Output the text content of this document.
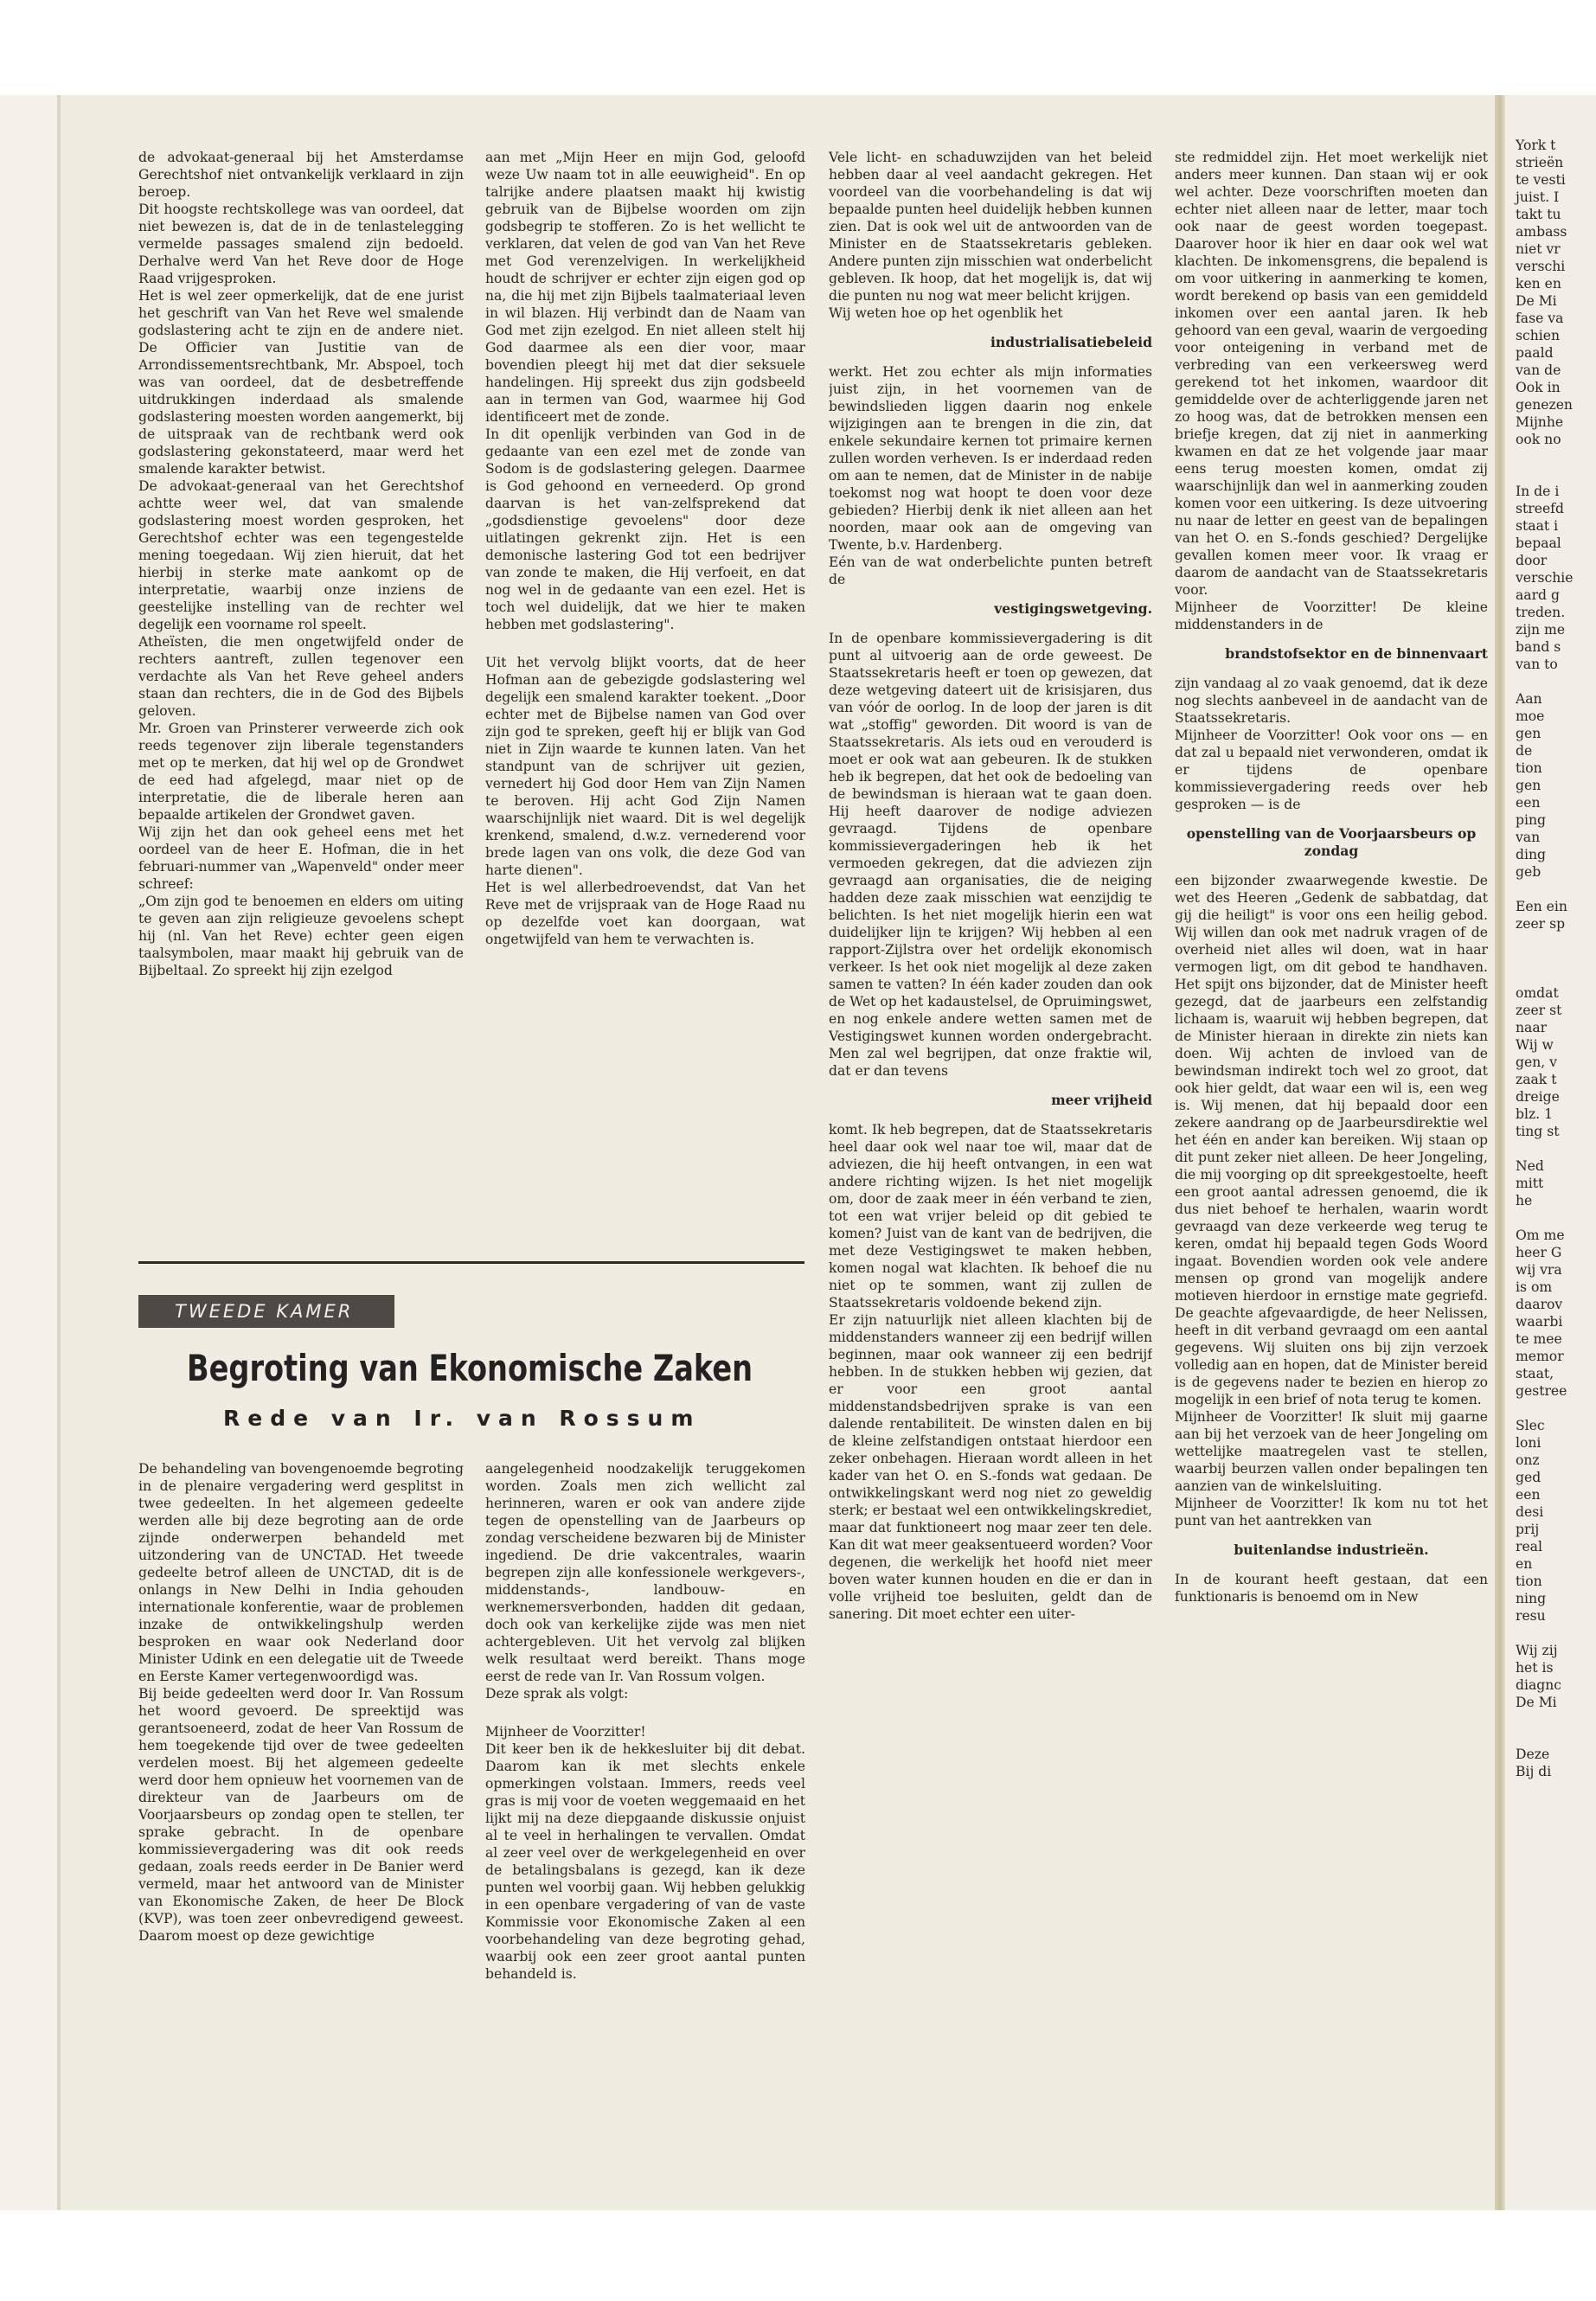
de advokaat-generaal bij het Amsterdamse Gerechtshof niet ontvankelijk verklaard in zijn beroep.

Dit hoogste rechtskollege was van oordeel, dat niet bewezen is, dat de in de tenlastelegging vermelde passages smalend zijn bedoeld. Derhalve werd Van het Reve door de Hoge Raad vrijgesproken.

Het is wel zeer opmerkelijk, dat de ene jurist het geschrift van Van het Reve wel smalende godslastering acht te zijn en de andere niet. De Officier van Justitie van de Arrondissementsrechtbank, Mr. Abspoel, toch was van oordeel, dat de desbetreffende uitdrukkingen inderdaad als smalende godslastering moesten worden aangemerkt, bij de uitspraak van de rechtbank werd ook godslastering gekonstateerd, maar werd het smalende karakter betwist.

De advokaat-generaal van het Gerechtshof achtte weer wel, dat van smalende godslastering moest worden gesproken, het Gerechtshof echter was een tegengestelde mening toegedaan. Wij zien hieruit, dat het hierbij in sterke mate aankomt op de interpretatie, waarbij onze inziens de geestelijke instelling van de rechter wel degelijk een voorname rol speelt.

Atheïsten, die men ongetwijfeld onder de rechters aantreft, zullen tegenover een verdachte als Van het Reve geheel anders staan dan rechters, die in de God des Bijbels geloven.

Mr. Groen van Prinsterer verweerde zich ook reeds tegenover zijn liberale tegenstanders met op te merken, dat hij wel op de Grondwet de eed had afgelegd, maar niet op de interpretatie, die de liberale heren aan bepaalde artikelen der Grondwet gaven.

Wij zijn het dan ook geheel eens met het oordeel van de heer E. Hofman, die in het februari-nummer van „Wapenveld" onder meer schreef:

„Om zijn god te benoemen en elders om uiting te geven aan zijn religieuze gevoelens schept hij (nl. Van het Reve) echter geen eigen taalsymbolen, maar maakt hij gebruik van de Bijbeltaal. Zo spreekt hij zijn ezelgod

aan met „Mijn Heer en mijn God, geloofd weze Uw naam tot in alle eeuwigheid". En op talrijke andere plaatsen maakt hij kwistig gebruik van de Bijbelse woorden om zijn godsbegrip te stofferen. Zo is het wellicht te verklaren, dat velen de god van Van het Reve met God verenzelvigen. In werkelijkheid houdt de schrijver er echter zijn eigen god op na, die hij met zijn Bijbels taalmateriaal leven in wil blazen. Hij verbindt dan de Naam van God met zijn ezelgod. En niet alleen stelt hij God daarmee als een dier voor, maar bovendien pleegt hij met dat dier seksuele handelingen. Hij spreekt dus zijn godsbeeld aan in termen van God, waarmee hij God identificeert met de zonde.

In dit openlijk verbinden van God in de gedaante van een ezel met de zonde van Sodom is de godslastering gelegen. Daarmee is God gehoond en verneederd. Op grond daarvan is het van-zelfsprekend dat „godsdienstige gevoelens" door deze uitlatingen gekrenkt zijn. Het is een demonische lastering God tot een bedrijver van zonde te maken, die Hij verfoeit, en dat nog wel in de gedaante van een ezel. Het is toch wel duidelijk, dat we hier te maken hebben met godslastering".

Uit het vervolg blijkt voorts, dat de heer Hofman aan de gebezigde godslastering wel degelijk een smalend karakter toekent. „Door echter met de Bijbelse namen van God over zijn god te spreken, geeft hij er blijk van God niet in Zijn waarde te kunnen laten. Van het standpunt van de schrijver uit gezien, vernedert hij God door Hem van Zijn Namen te beroven. Hij acht God Zijn Namen waarschijnlijk niet waard. Dit is wel degelijk krenkend, smalend, d.w.z. vernederend voor brede lagen van ons volk, die deze God van harte dienen".

Het is wel allerbedroevendst, dat Van het Reve met de vrijspraak van de Hoge Raad nu op dezelfde voet kan doorgaan, wat ongetwijfeld van hem te verwachten is.

TWEEDE KAMER
Begroting van Ekonomische Zaken
Rede van Ir. van Rossum

De behandeling van bovengenoemde begroting in de plenaire vergadering werd gesplitst in twee gedeelten. In het algemeen gedeelte werden alle bij deze begroting aan de orde zijnde onderwerpen behandeld met uitzondering van de UNCTAD. Het tweede gedeelte betrof alleen de UNCTAD, dit is de onlangs in New Delhi in India gehouden internationale konferentie, waar de problemen inzake de ontwikkelingshulp werden besproken en waar ook Nederland door Minister Udink en een delegatie uit de Tweede en Eerste Kamer vertegenwoordigd was.

Bij beide gedeelten werd door Ir. Van Rossum het woord gevoerd. De spreektijd was gerantsoeneerd, zodat de heer Van Rossum de hem toegekende tijd over de twee gedeelten verdelen moest. Bij het algemeen gedeelte werd door hem opnieuw het voornemen van de direkteur van de Jaarbeurs om de Voorjaarsbeurs op zondag open te stellen, ter sprake gebracht. In de openbare kommissievergadering was dit ook reeds gedaan, zoals reeds eerder in De Banier werd vermeld, maar het antwoord van de Minister van Ekonomische Zaken, de heer De Block (KVP), was toen zeer onbevredigend geweest. Daarom moest op deze gewichtige

aangelegenheid noodzakelijk teruggekomen worden. Zoals men zich wellicht zal herinneren, waren er ook van andere zijde tegen de openstelling van de Jaarbeurs op zondag verscheidene bezwaren bij de Minister ingediend. De drie vakcentrales, waarin begrepen zijn alle konfessionele werkgevers-, middenstands-, landbouw- en werknemersverbonden, hadden dit gedaan, doch ook van kerkelijke zijde was men niet achtergebleven. Uit het vervolg zal blijken welk resultaat werd bereikt. Thans moge eerst de rede van Ir. Van Rossum volgen.

Deze sprak als volgt:

Mijnheer de Voorzitter!

Dit keer ben ik de hekkesluiter bij dit debat. Daarom kan ik met slechts enkele opmerkingen volstaan. Immers, reeds veel gras is mij voor de voeten weggemaaid en het lijkt mij na deze diepgaande diskussie onjuist al te veel in herhalingen te vervallen. Omdat al zeer veel over de werkgelegenheid en over de betalingsbalans is gezegd, kan ik deze punten wel voorbij gaan. Wij hebben gelukkig in een openbare vergadering of van de vaste Kommissie voor Ekonomische Zaken al een voorbehandeling van deze begroting gehad, waarbij ook een zeer groot aantal punten behandeld is.

Vele licht- en schaduwzijden van het beleid hebben daar al veel aandacht gekregen. Het voordeel van die voorbehandeling is dat wij bepaalde punten heel duidelijk hebben kunnen zien. Dat is ook wel uit de antwoorden van de Minister en de Staatssekretaris gebleken. Andere punten zijn misschien wat onderbelicht gebleven. Ik hoop, dat het mogelijk is, dat wij die punten nu nog wat meer belicht krijgen.

Wij weten hoe op het ogenblik het

industrialisatiebeleid

werkt. Het zou echter als mijn informaties juist zijn, in het voornemen van de bewindslieden liggen daarin nog enkele wijzigingen aan te brengen in die zin, dat enkele sekundaire kernen tot primaire kernen zullen worden verheven. Is er inderdaad reden om aan te nemen, dat de Minister in de nabije toekomst nog wat hoopt te doen voor deze gebieden? Hierbij denk ik niet alleen aan het noorden, maar ook aan de omgeving van Twente, b.v. Hardenberg.

Eén van de wat onderbelichte punten betreft de

vestigingswetgeving.

In de openbare kommissievergadering is dit punt al uitvoerig aan de orde geweest. De Staatssekretaris heeft er toen op gewezen, dat deze wetgeving dateert uit de krisisjaren, dus van vóór de oorlog. In de loop der jaren is dit wat „stoffig" geworden. Dit woord is van de Staatssekretaris. Als iets oud en verouderd is moet er ook wat aan gebeuren. Ik de stukken heb ik begrepen, dat het ook de bedoeling van de bewindsman is hieraan wat te gaan doen. Hij heeft daarover de nodige adviezen gevraagd. Tijdens de openbare kommissievergaderingen heb ik het vermoeden gekregen, dat die adviezen zijn gevraagd aan organisaties, die de neiging hadden deze zaak misschien wat eenzijdig te belichten. Is het niet mogelijk hierin een wat duidelijker lijn te krijgen? Wij hebben al een rapport-Zijlstra over het ordelijk ekonomisch verkeer. Is het ook niet mogelijk al deze zaken samen te vatten? In één kader zouden dan ook de Wet op het kadaustelsel, de Opruimingswet, en nog enkele andere wetten samen met de Vestigingswet kunnen worden ondergebracht. Men zal wel begrijpen, dat onze fraktie wil, dat er dan tevens

meer vrijheid

komt. Ik heb begrepen, dat de Staatssekretaris heel daar ook wel naar toe wil, maar dat de adviezen, die hij heeft ontvangen, in een wat andere richting wijzen. Is het niet mogelijk om, door de zaak meer in één verband te zien, tot een wat vrijer beleid op dit gebied te komen? Juist van de kant van de bedrijven, die met deze Vestigingswet te maken hebben, komen nogal wat klachten. Ik behoef die nu niet op te sommen, want zij zullen de Staatssekretaris voldoende bekend zijn.

Er zijn natuurlijk niet alleen klachten bij de middenstanders wanneer zij een bedrijf willen beginnen, maar ook wanneer zij een bedrijf hebben. In de stukken hebben wij gezien, dat er voor een groot aantal middenstandsbedrijven sprake is van een dalende rentabiliteit. De winsten dalen en bij de kleine zelfstandigen ontstaat hierdoor een zeker onbehagen. Hieraan wordt alleen in het kader van het O. en S.-fonds wat gedaan. De ontwikkelingskant werd nog niet zo geweldig sterk; er bestaat wel een ontwikkelingskrediet, maar dat funktioneert nog maar zeer ten dele. Kan dit wat meer geaksentueerd worden? Voor degenen, die werkelijk het hoofd niet meer boven water kunnen houden en die er dan in volle vrijheid toe besluiten, geldt dan de sanering. Dit moet echter een uiter-

ste redmiddel zijn. Het moet werkelijk niet anders meer kunnen. Dan staan wij er ook wel achter. Deze voorschriften moeten dan echter niet alleen naar de letter, maar toch ook naar de geest worden toegepast. Daarover hoor ik hier en daar ook wel wat klachten. De inkomensgrens, die bepalend is om voor uitkering in aanmerking te komen, wordt berekend op basis van een gemiddeld inkomen over een aantal jaren. Ik heb gehoord van een geval, waarin de vergoeding voor onteigening in verband met de verbreding van een verkeersweg werd gerekend tot het inkomen, waardoor dit gemiddelde over de achterliggende jaren net zo hoog was, dat de betrokken mensen een briefje kregen, dat zij niet in aanmerking kwamen en dat ze het volgende jaar maar eens terug moesten komen, omdat zij waarschijnlijk dan wel in aanmerking zouden komen voor een uitkering. Is deze uitvoering nu naar de letter en geest van de bepalingen van het O. en S.-fonds geschied? Dergelijke gevallen komen meer voor. Ik vraag er daarom de aandacht van de Staatssekretaris voor.

Mijnheer de Voorzitter! De kleine middenstanders in de

brandstofsektor en de binnenvaart

zijn vandaag al zo vaak genoemd, dat ik deze nog slechts aanbeveel in de aandacht van de Staatssekretaris.

Mijnheer de Voorzitter! Ook voor ons — en dat zal u bepaald niet verwonderen, omdat ik er tijdens de openbare kommissievergadering reeds over heb gesproken — is de

openstelling van de Voorjaarsbeurs op zondag

een bijzonder zwaarwegende kwestie. De wet des Heeren „Gedenk de sabbatdag, dat gij die heiligt" is voor ons een heilig gebod. Wij willen dan ook met nadruk vragen of de overheid niet alles wil doen, wat in haar vermogen ligt, om dit gebod te handhaven. Het spijt ons bijzonder, dat de Minister heeft gezegd, dat de jaarbeurs een zelfstandig lichaam is, waaruit wij hebben begrepen, dat de Minister hieraan in direkte zin niets kan doen. Wij achten de invloed van de bewindsman indirekt toch wel zo groot, dat ook hier geldt, dat waar een wil is, een weg is. Wij menen, dat hij bepaald door een zekere aandrang op de Jaarbeursdirektie wel het één en ander kan bereiken. Wij staan op dit punt zeker niet alleen. De heer Jongeling, die mij voorging op dit spreekgestoelte, heeft een groot aantal adressen genoemd, die ik dus niet behoef te herhalen, waarin wordt gevraagd van deze verkeerde weg terug te keren, omdat hij bepaald tegen Gods Woord ingaat. Bovendien worden ook vele andere mensen op grond van mogelijk andere motieven hierdoor in ernstige mate gegriefd. De geachte afgevaardigde, de heer Nelissen, heeft in dit verband gevraagd om een aantal gegevens. Wij sluiten ons bij zijn verzoek volledig aan en hopen, dat de Minister bereid is de gegevens nader te bezien en hierop zo mogelijk in een brief of nota terug te komen.

Mijnheer de Voorzitter! Ik sluit mij gaarne aan bij het verzoek van de heer Jongeling om wettelijke maatregelen vast te stellen, waarbij beurzen vallen onder bepalingen ten aanzien van de winkelsluiting.

Mijnheer de Voorzitter! Ik kom nu tot het punt van het aantrekken van

buitenlandse industrieën.

In de kourant heeft gestaan, dat een funktionaris is benoemd om in New

York t
strieën
te vesti
juist. I
takt tu
ambass
niet vr
verschi
ken en
De Mi
fase va
schien
paald
van de
Ook in
genezen
Mijnhe
ook no

In de i
streefd
staat i
bepaal
door
verschie
aard g
treden.
zijn me
band s
van to

Aan
moe
gen
de
tion
gen
een
ping
van
ding
geb

Een ein
zeer sp

omdat
zeer st
naar
Wij w
gen, v
zaak t
dreige
blz. 1
ting st

Ned
mitt
he

Om me
heer G
wij vra
is om
daarov
waarbi
te mee
memor
staat,
gestree

Slec
loni
onz
ged
een
desi
prij
real
en
tion
ning
resu

Wij zij
het is
diagnc
De Mi

Deze
Bij di
